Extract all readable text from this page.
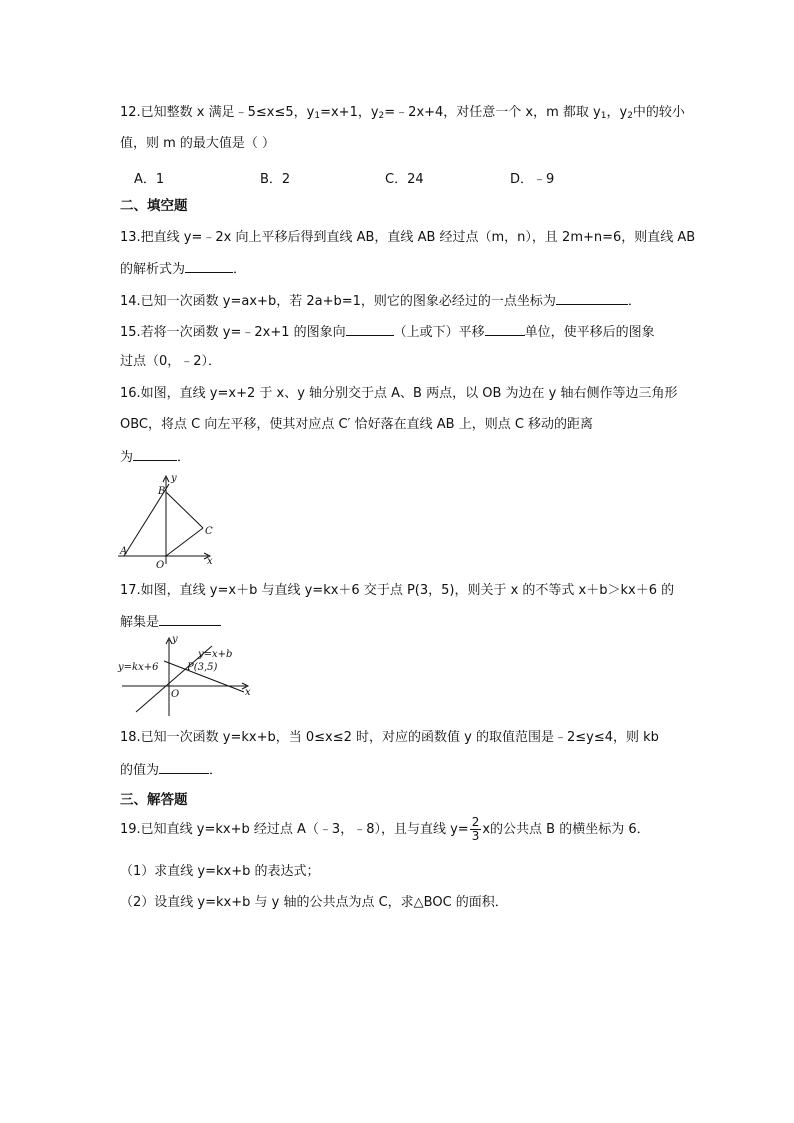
12.已知整数 x 满足﹣5≤x≤5，$y_1=x+1$，$y_2=﹣2x+4$，对任意一个 x，m 都取 $y_1$，$y_2$中的较小
值，则 m 的最大值是（ ）
A．1	B．2	C．24	D．﹣9
二、填空题
13.把直线 y=﹣2x 向上平移后得到直线 AB，直线 AB 经过点（m，n），且 2m+n=6，则直线 AB
的解析式为	．
14.已知一次函数 y=ax+b，若 2a+b=1，则它的图象必经过的一点坐标为	．
15.若将一次函数 y=﹣2x+1 的图象向	（上或下）平移	单位，使平移后的图象
过点（0，﹣2）．
16.如图，直线 y=x+2 于 x、y 轴分别交于点 A、B 两点，以 OB 为边在 y 轴右侧作等边三角形
OBC，将点 C 向左平移，使其对应点 C′ 恰好落在直线 AB 上，则点 C 移动的距离
为	．
y
B
C
A
O	x
17.如图，直线 y=x＋b 与直线 y=kx＋6 交于点 P(3，5)，则关于 x 的不等式 x＋b＞kx＋6 的
解集是
y
y=x+b
P(3,5)
y=kx+6
O	x
18.已知一次函数 y=kx+b，当 0≤x≤2 时，对应的函数值 y 的取值范围是﹣2≤y≤4，则 kb
的值为	．
三、解答题
19.已知直线 y=kx+b 经过点 A（﹣3，﹣8），且与直线 $y= \frac{2}{3}$ x的公共点 B 的横坐标为 6．
（1）求直线 y=kx+b 的表达式；
（2）设直线 y=kx+b 与 y 轴的公共点为点 C，求△BOC 的面积．
